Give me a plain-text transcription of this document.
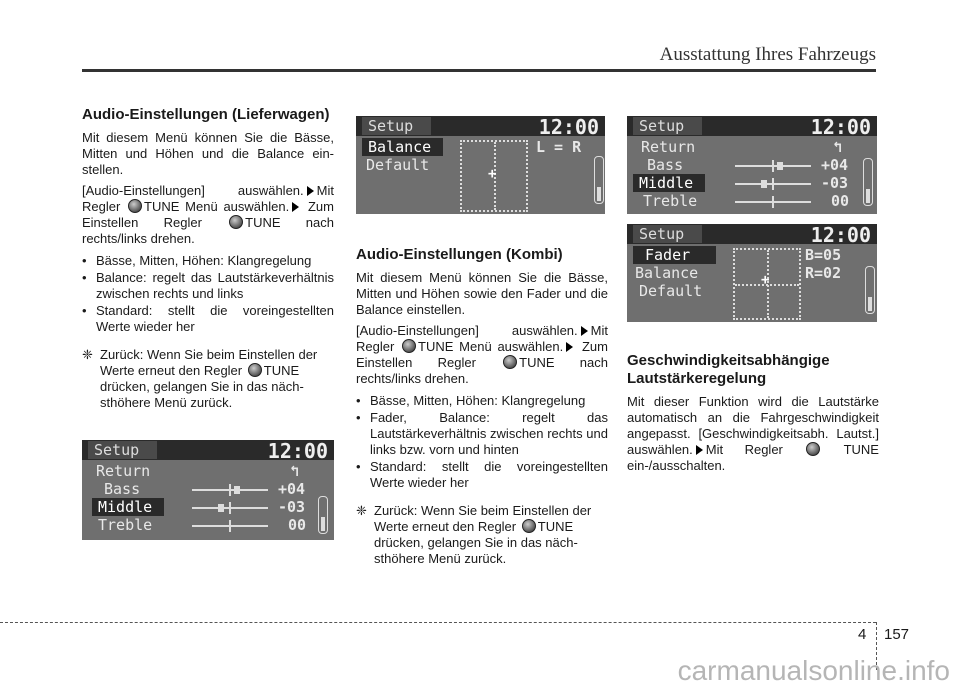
Ausstattung Ihres Fahrzeugs
Audio-Einstellungen (Lieferwagen)
Mit diesem Menü können Sie die Bässe, Mitten und Höhen und die Balance ein-stellen.
[Audio-Einstellungen] auswählen. Mit Regler TUNE Menü auswählen. Zum Einstellen Regler	TUNE nach rechts/links drehen.
• Bässe, Mitten, Höhen: Klangregelung
• Balance: regelt das Lautstärkeverhältnis zwischen rechts und links
• Standard: stellt die voreingestellten Werte wieder her
❈ Zurück: Wenn Sie beim Einstellen der Werte erneut den Regler TUNE drücken, gelangen Sie in das näch-sthöhere Menü zurück.
Setup	12:00
Return	↰
Bass
Middle
Treble
+04
-03
00
Setup	12:00
Balance
Default	+
L = R
Audio-Einstellungen (Kombi)
Mit diesem Menü können Sie die Bässe, Mitten und Höhen sowie den Fader und die Balance einstellen.
[Audio-Einstellungen] auswählen. Mit Regler TUNE Menü auswählen. Zum Einstellen Regler	TUNE nach rechts/links drehen.
• Bässe, Mitten, Höhen: Klangregelung
• Fader, Balance: regelt das Lautstärkeverhältnis zwischen rechts und links bzw. vorn und hinten
• Standard: stellt die voreingestellten Werte wieder her
❈ Zurück: Wenn Sie beim Einstellen der Werte erneut den Regler TUNE drücken, gelangen Sie in das näch-sthöhere Menü zurück.
Setup	12:00
Return	↰
Bass
Middle
Treble
+04
-03
00
Setup	12:00
Fader
Balance
Default
+
B=05
R=02
Geschwindigkeitsabhängige Lautstärkeregelung
Mit dieser Funktion wird die Lautstärke automatisch an die Fahrgeschwindigkeit angepasst. [Geschwindigkeitsabh. Lautst.] auswählen. Mit Regler	TUNE ein-/ausschalten.
4 157
carmanualsonline.info
